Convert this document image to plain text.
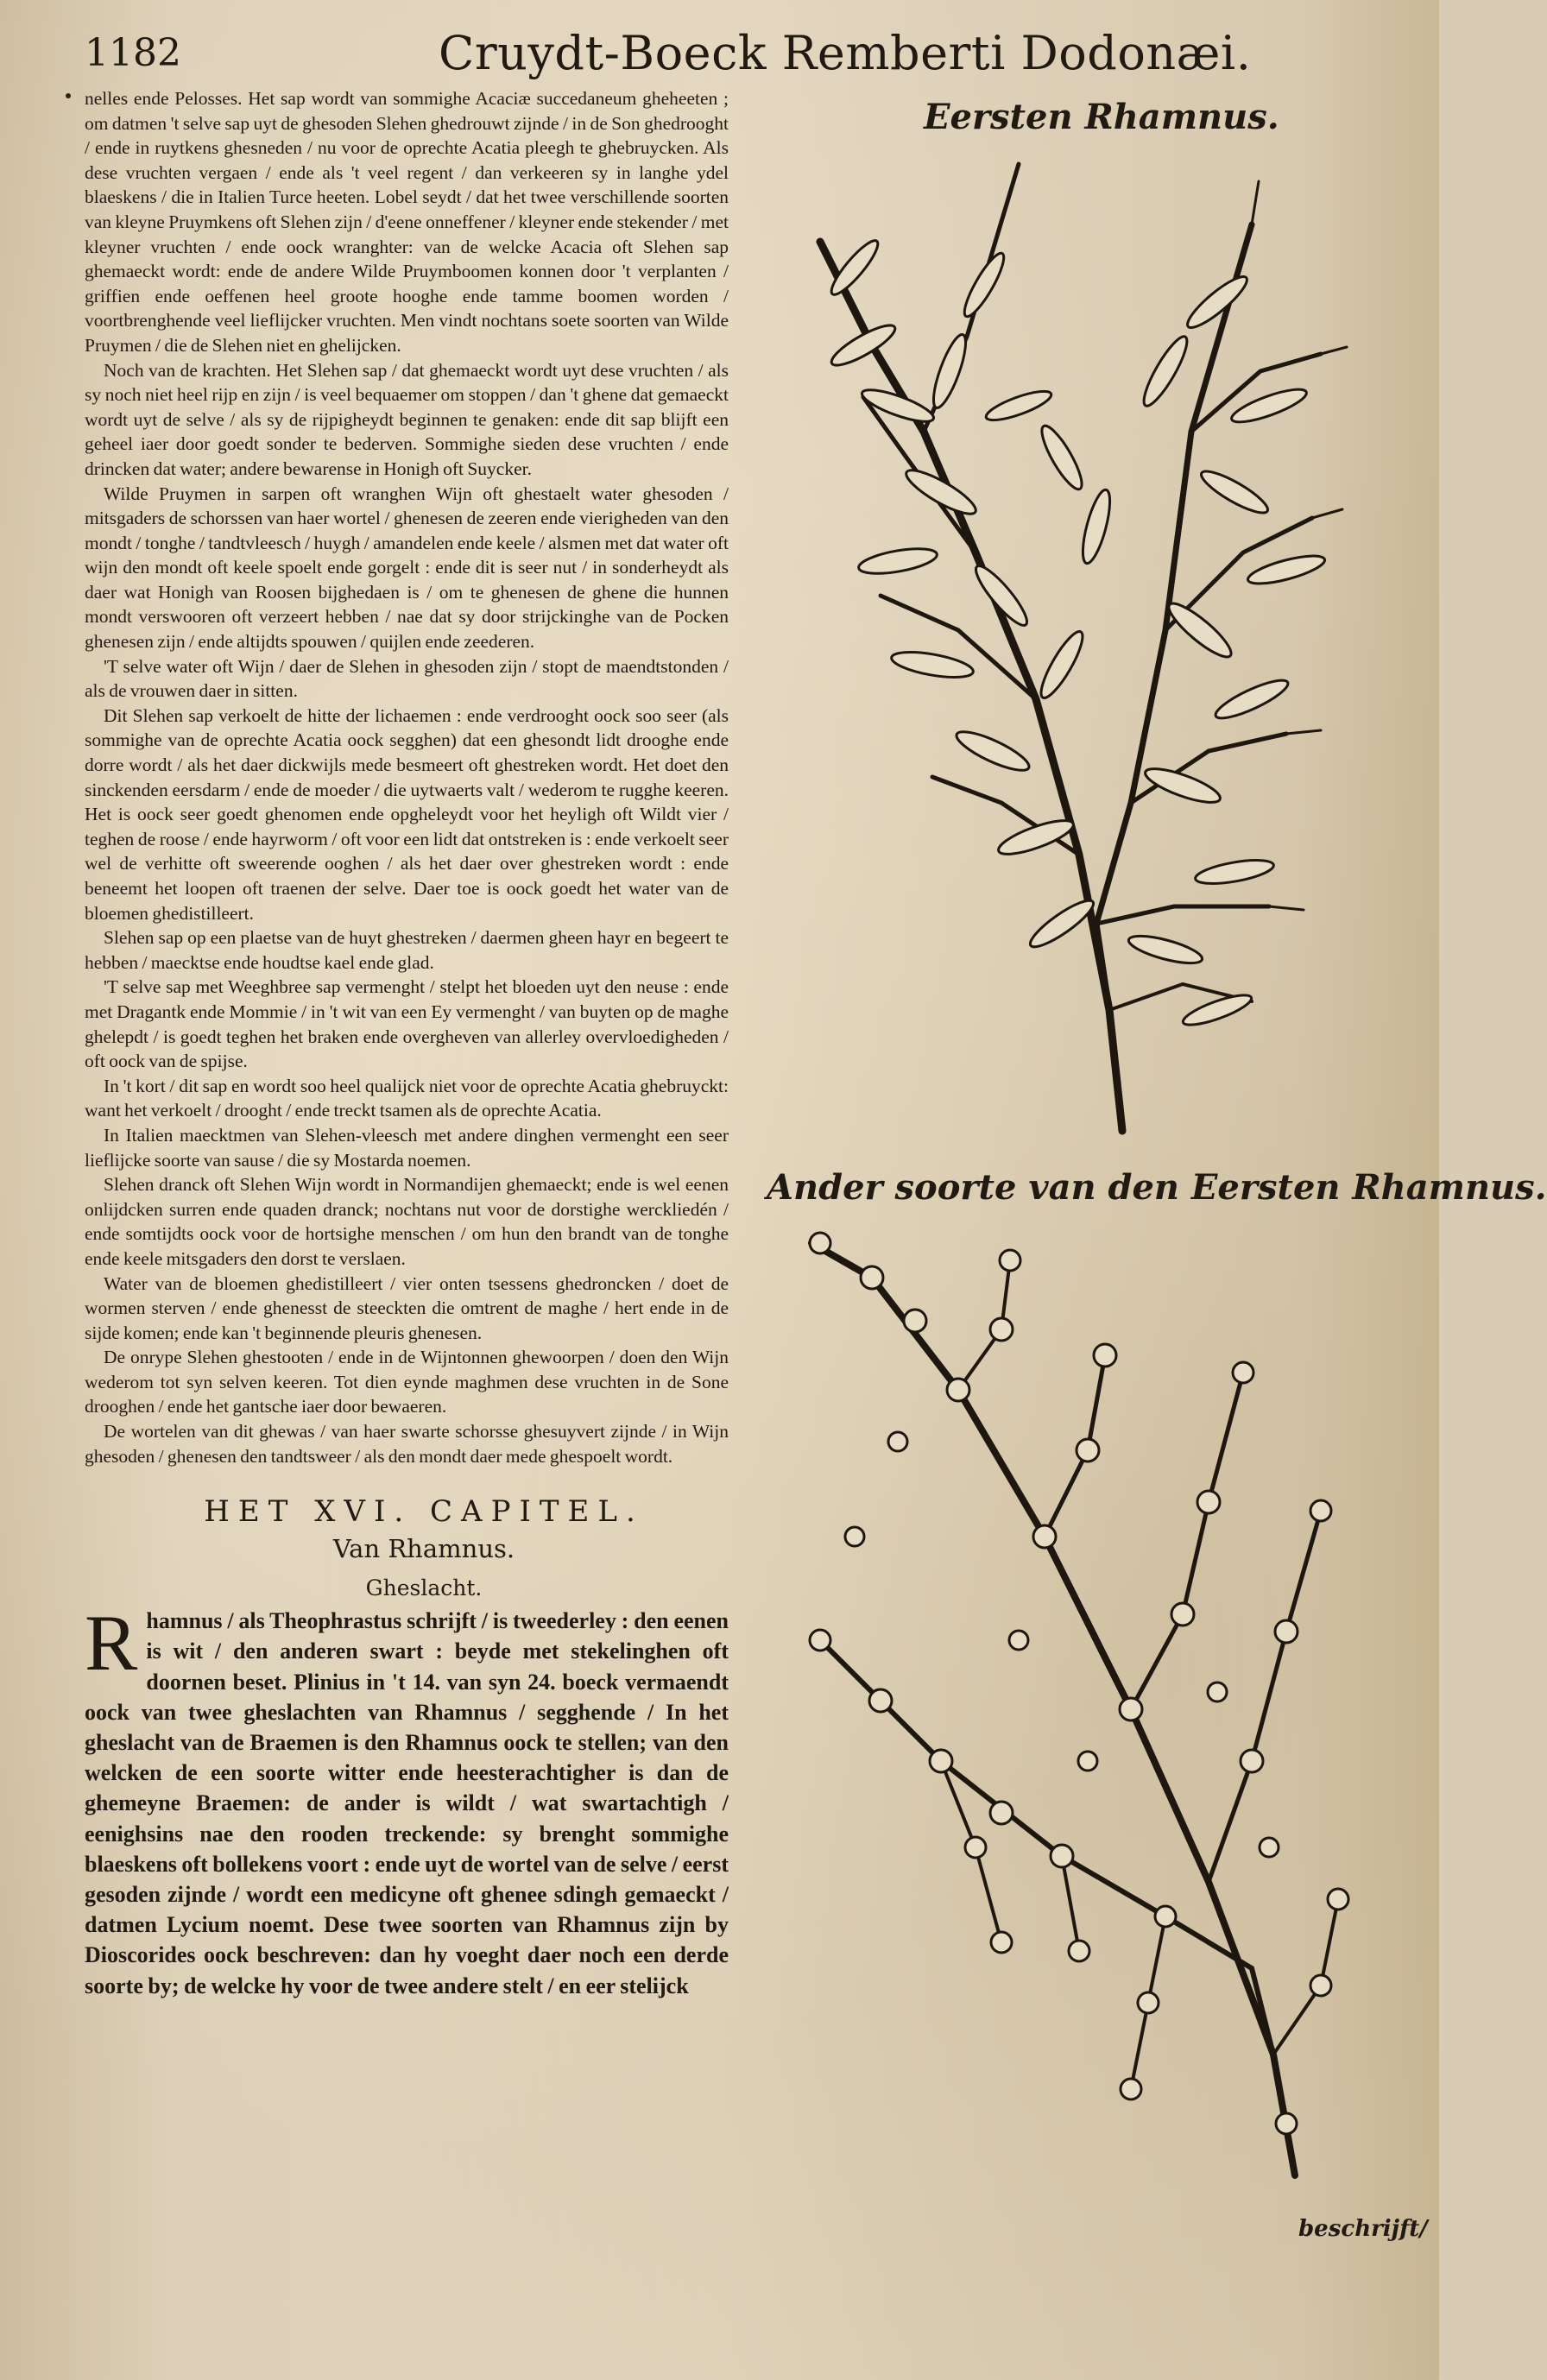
1182	Cruydt-Boeck Remberti Dodonæi.

nelles ende Pelosses. Het sap wordt van sommighe Acaciæ succedaneum gheheeten ; om datmen 't selve sap uyt de ghesoden Slehen ghedrouwt zijnde / in de Son ghedrooght / ende in ruytkens ghesneden / nu voor de oprechte Acatia pleegh te ghebruycken. Als dese vruchten vergaen / ende als 't veel regent / dan verkeeren sy in langhe ydel blaeskens / die in Italien Turce heeten. Lobel seydt / dat het twee verschillende soorten van kleyne Pruymkens oft Slehen zijn / d'eene onneffener / kleyner ende stekender / met kleyner vruchten / ende oock wranghter: van de welcke Acacia oft Slehen sap ghemaeckt wordt: ende de andere Wilde Pruymboomen konnen door 't verplanten / griffien ende oeffenen heel groote hooghe ende tamme boomen worden / voortbrenghende veel lieflijcker vruchten. Men vindt nochtans soete soorten van Wilde Pruymen / die de Slehen niet en ghelijcken.

Noch van de krachten. Het Slehen sap / dat ghemaeckt wordt uyt dese vruchten / als sy noch niet heel rijp en zijn / is veel bequaemer om stoppen / dan 't ghene dat gemaeckt wordt uyt de selve / als sy de rijpigheydt beginnen te genaken: ende dit sap blijft een geheel iaer door goedt sonder te bederven. Sommighe sieden dese vruchten / ende drincken dat water; andere bewarense in Honigh oft Suycker.

Wilde Pruymen in sarpen oft wranghen Wijn oft ghestaelt water ghesoden / mitsgaders de schorssen van haer wortel / ghenesen de zeeren ende vierigheden van den mondt / tonghe / tandtvleesch / huygh / amandelen ende keele / alsmen met dat water oft wijn den mondt oft keele spoelt ende gorgelt : ende dit is seer nut / in sonderheydt als daer wat Honigh van Roosen bijghedaen is / om te ghenesen de ghene die hunnen mondt verswooren oft verzeert hebben / nae dat sy door strijckinghe van de Pocken ghenesen zijn / ende altijdts spouwen / quijlen ende zeederen.

'T selve water oft Wijn / daer de Slehen in ghesoden zijn / stopt de maendtstonden / als de vrouwen daer in sitten.

Dit Slehen sap verkoelt de hitte der lichaemen : ende verdrooght oock soo seer (als sommighe van de oprechte Acatia oock segghen) dat een ghesondt lidt drooghe ende dorre wordt / als het daer dickwijls mede besmeert oft ghestreken wordt. Het doet den sinckenden eersdarm / ende de moeder / die uytwaerts valt / wederom te rugghe keeren. Het is oock seer goedt ghenomen ende opgheleydt voor het heyligh oft Wildt vier / teghen de roose / ende hayrworm / oft voor een lidt dat ontstreken is : ende verkoelt seer wel de verhitte oft sweerende ooghen / als het daer over ghestreken wordt : ende beneemt het loopen oft traenen der selve. Daer toe is oock goedt het water van de bloemen ghedistilleert.

Slehen sap op een plaetse van de huyt ghestreken / daermen gheen hayr en begeert te hebben / maecktse ende houdtse kael ende glad.

'T selve sap met Weeghbree sap vermenght / stelpt het bloeden uyt den neuse : ende met Dragantk ende Mommie / in 't wit van een Ey vermenght / van buyten op de maghe ghelepdt / is goedt teghen het braken ende overgheven van allerley overvloedigheden / oft oock van de spijse.

In 't kort / dit sap en wordt soo heel qualijck niet voor de oprechte Acatia ghebruyckt: want het verkoelt / drooght / ende treckt tsamen als de oprechte Acatia.

In Italien maecktmen van Slehen-vleesch met andere dinghen vermenght een seer lieflijcke soorte van sause / die sy Mostarda noemen.

Slehen dranck oft Slehen Wijn wordt in Normandijen ghemaeckt; ende is wel eenen onlijdcken surren ende quaden dranck; nochtans nut voor de dorstighe werckliedén / ende somtijdts oock voor de hortsighe menschen / om hun den brandt van de tonghe ende keele mitsgaders den dorst te verslaen.

Water van de bloemen ghedistilleert / vier onten tsessens ghedroncken / doet de wormen sterven / ende ghenesst de steeckten die omtrent de maghe / hert ende in de sijde komen; ende kan 't beginnende pleuris ghenesen.

De onrype Slehen ghestooten / ende in de Wijntonnen ghewoorpen / doen den Wijn wederom tot syn selven keeren. Tot dien eynde maghmen dese vruchten in de Sone drooghen / ende het gantsche iaer door bewaeren.

De wortelen van dit ghewas / van haer swarte schorsse ghesuyvert zijnde / in Wijn ghesoden / ghenesen den tandtsweer / als den mondt daer mede ghespoelt wordt.

HET XVI. CAPITEL.
Van Rhamnus.
Gheslacht.

R hamnus / als Theophrastus schrijft / is tweederley : den eenen is wit / den anderen swart : beyde met stekelinghen oft doornen beset. Plinius in 't 14. van syn 24. boeck vermaendt oock van twee gheslachten van Rhamnus / segghende / In het gheslacht van de Braemen is den Rhamnus oock te stellen; van den welcken de een soorte witter ende heesterachtigher is dan de ghemeyne Braemen: de ander is wildt / wat swartachtigh / eenighsins nae den rooden treckende: sy brenght sommighe blaeskens oft bollekens voort : ende uyt de wortel van de selve / eerst gesoden zijnde / wordt een medicyne oft ghenee sdingh gemaeckt / datmen Lycium noemt. Dese twee soorten van Rhamnus zijn by Dioscorides oock beschreven: dan hy voeght daer noch een derde soorte by; de welcke hy voor de twee andere stelt / en eer stelijck

Eersten Rhamnus.
Ander soorte van den Eersten Rhamnus.
beschrijft/
